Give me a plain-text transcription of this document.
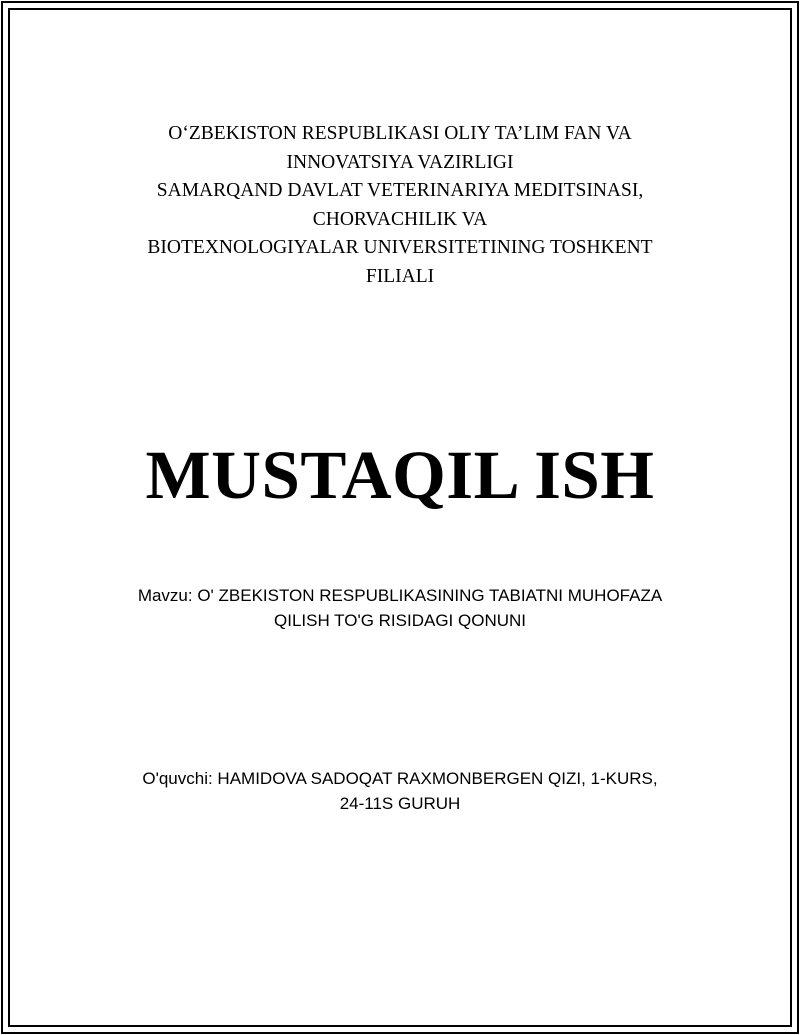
O‘ZBEKISTON RESPUBLIKASI OLIY TA’LIM FAN VA
INNOVATSIYA VAZIRLIGI
SAMARQAND DAVLAT VETERINARIYA MEDITSINASI,
CHORVACHILIK VA
BIOTEXNOLOGIYALAR UNIVERSITETINING TOSHKENT
FILIALI
MUSTAQIL ISH
Mavzu: O' ZBEKISTON RESPUBLIKASINING TABIATNI MUHOFAZA
QILISH TO'G RISIDAGI QONUNI
O'quvchi: HAMIDOVA SADOQAT RAXMONBERGEN QIZI, 1-KURS,
24-11S GURUH
